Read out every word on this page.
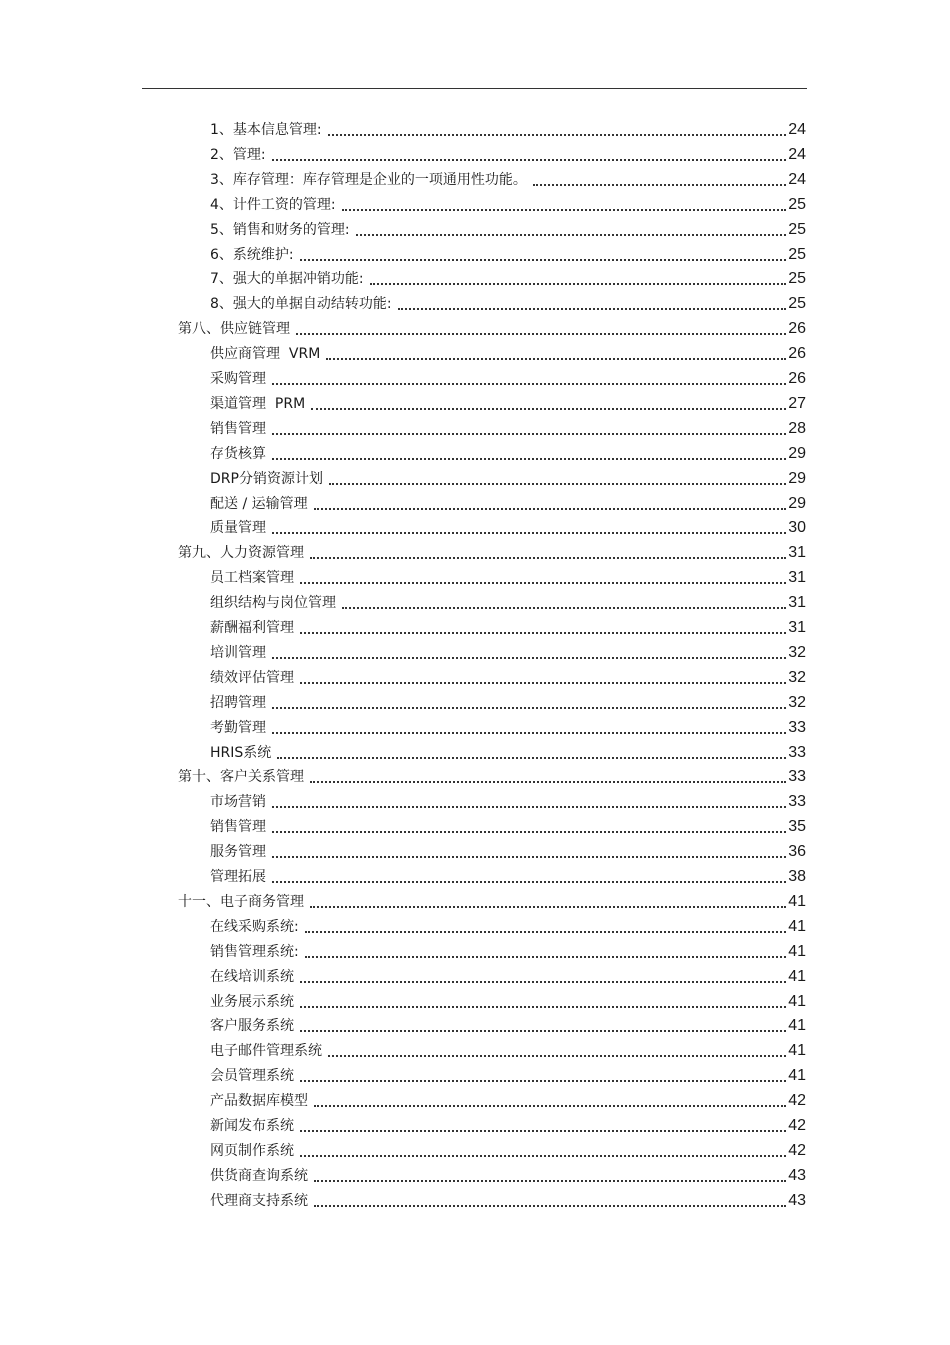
1、基本信息管理:	24
2、管理:	24
3、库存管理：库存管理是企业的一项通用性功能。	24
4、计件工资的管理:	25
5、销售和财务的管理:	25
6、系统维护:	25
7、强大的单据冲销功能:	25
8、强大的单据自动结转功能:	25
第八、供应链管理	26
供应商管理  VRM	26
采购管理	26
渠道管理  PRM	27
销售管理	28
存货核算	29
DRP分销资源计划	29
配送 / 运输管理	29
质量管理	30
第九、人力资源管理	31
员工档案管理	31
组织结构与岗位管理	31
薪酬福利管理	31
培训管理	32
绩效评估管理	32
招聘管理	32
考勤管理	33
HRIS系统	33
第十、客户关系管理	33
市场营销	33
销售管理	35
服务管理	36
管理拓展	38
十一、电子商务管理	41
在线采购系统:	41
销售管理系统:	41
在线培训系统	41
业务展示系统	41
客户服务系统	41
电子邮件管理系统	41
会员管理系统	41
产品数据库模型	42
新闻发布系统	42
网页制作系统	42
供货商查询系统	43
代理商支持系统	43
